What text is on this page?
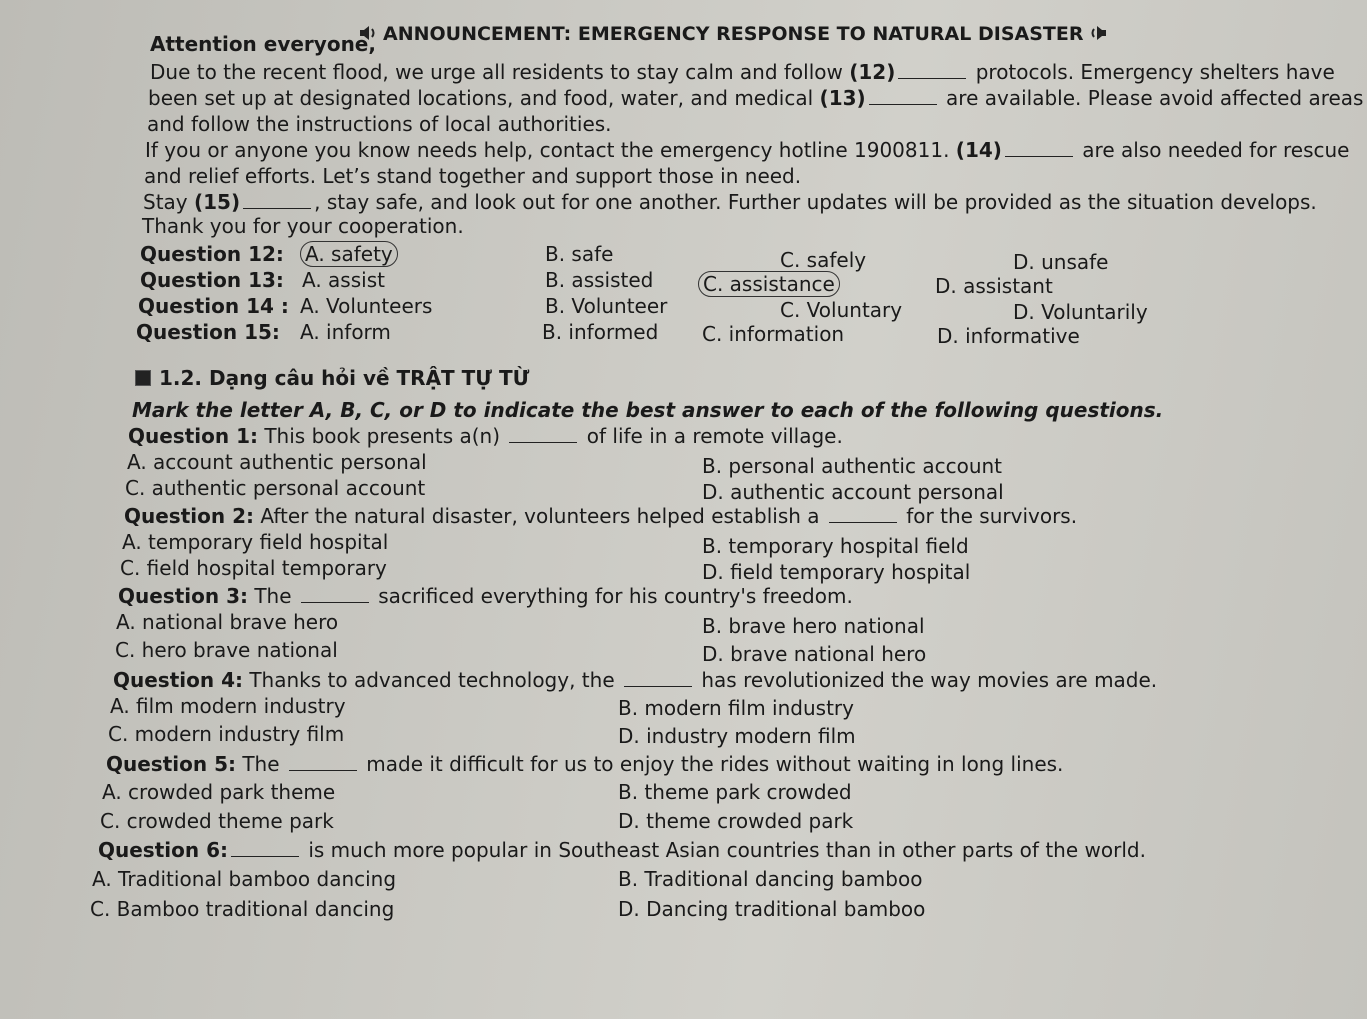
ANNOUNCEMENT: EMERGENCY RESPONSE TO NATURAL DISASTER
Attention everyone,
Due to the recent flood, we urge all residents to stay calm and follow (12)	protocols. Emergency shelters have
been set up at designated locations, and food, water, and medical (13)	are available. Please avoid affected areas
and follow the instructions of local authorities.
If you or anyone you know needs help, contact the emergency hotline 1900811. (14)	are also needed for rescue
and relief efforts. Let’s stand together and support those in need.
Stay (15)	, stay safe, and look out for one another. Further updates will be provided as the situation develops.
Thank you for your cooperation.
Question 12: A. safety	B. safe	C. safely	D. unsafe
Question 13: A. assist	B. assisted C. assistance	D. assistant
Question 14 : A. Volunteers	B. Volunteer	C. Voluntary	D. Voluntarily
Question 15: A. inform	B. informed C. information	D. informative
1.2. Dạng câu hỏi về TRẬT TỰ TỪ
Mark the letter A, B, C, or D to indicate the best answer to each of the following questions.
Question 1: This book presents a(n)	of life in a remote village.
A. account authentic personal	B. personal authentic account
C. authentic personal account	D. authentic account personal
Question 2: After the natural disaster, volunteers helped establish a	for the survivors.
A. temporary field hospital	B. temporary hospital field
C. field hospital temporary	D. field temporary hospital
Question 3: The	sacrificed everything for his country's freedom.
A. national brave hero	B. brave hero national
C. hero brave national	D. brave national hero
Question 4: Thanks to advanced technology, the	has revolutionized the way movies are made.
A. film modern industry	B. modern film industry
C. modern industry film	D. industry modern film
Question 5: The	made it difficult for us to enjoy the rides without waiting in long lines.
A. crowded park theme	B. theme park crowded
C. crowded theme park	D. theme crowded park
Question 6:	is much more popular in Southeast Asian countries than in other parts of the world.
A. Traditional bamboo dancing	B. Traditional dancing bamboo
C. Bamboo traditional dancing	D. Dancing traditional bamboo
